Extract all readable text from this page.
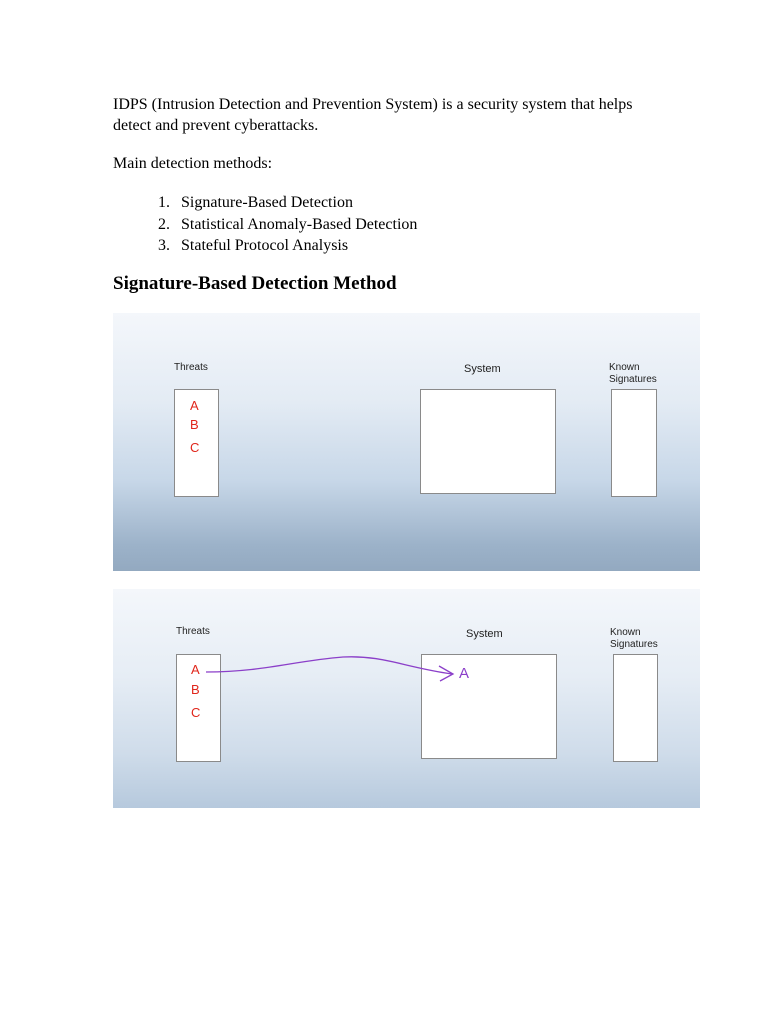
IDPS (Intrusion Detection and Prevention System) is a security system that helps detect and prevent cyberattacks.

Main detection methods:

1. Signature-Based Detection
2. Statistical Anomaly-Based Detection
3. Stateful Protocol Analysis
Signature-Based Detection Method
Threats	System	Known
Signatures
A
B
C
Threats	System	Known
Signatures
A
B
C
A
